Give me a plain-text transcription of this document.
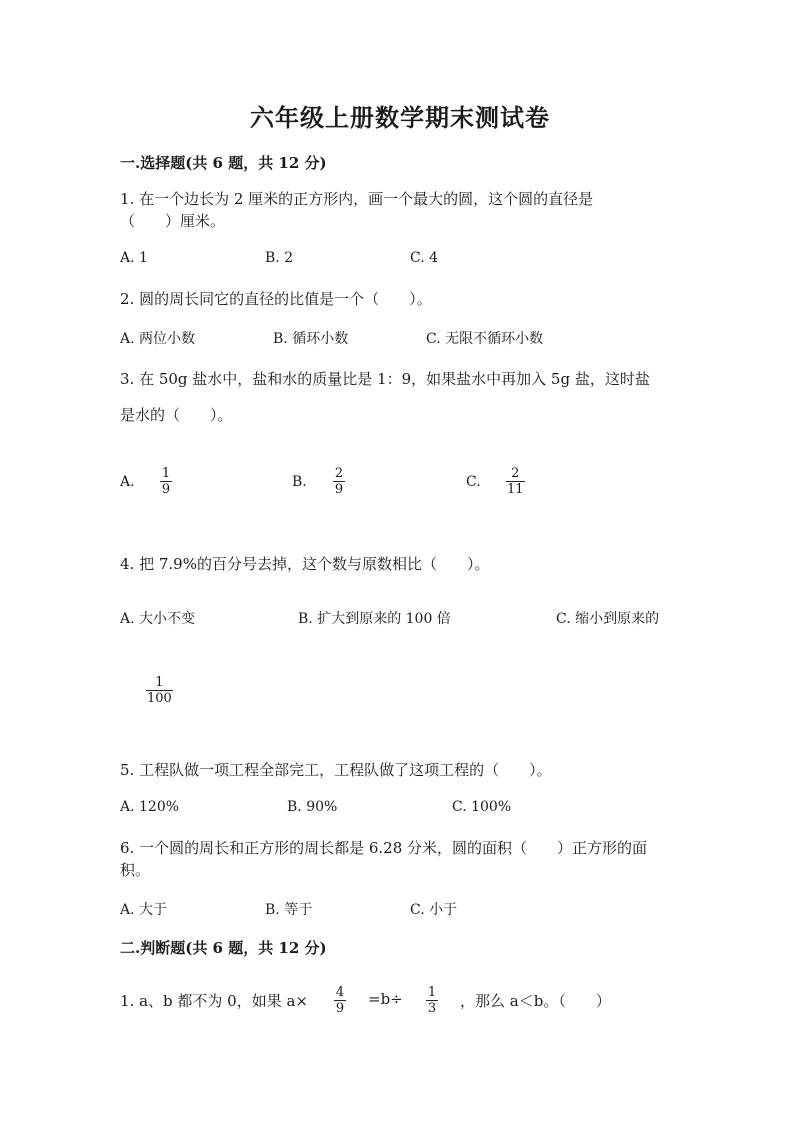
六年级上册数学期末测试卷
一.选择题(共 6 题，共 12 分)
1. 在一个边长为 2 厘米的正方形内，画一个最大的圆，这个圆的直径是
（　　）厘米。
A. 1	B. 2	C. 4
2. 圆的周长同它的直径的比值是一个（　　）。
A. 两位小数	B. 循环小数	C. 无限不循环小数
3. 在 50g 盐水中，盐和水的质量比是 1：9，如果盐水中再加入 5g 盐，这时盐
是水的（　　）。
A.
1
9	B.
2
9	C.
2
11
4. 把 7.9%的百分号去掉，这个数与原数相比（　　）。
A. 大小不变	B. 扩大到原来的 100 倍	C. 缩小到原来的
1
100
5. 工程队做一项工程全部完工，工程队做了这项工程的（　　）。
A. 120%	B. 90%	C. 100%
6. 一个圆的周长和正方形的周长都是 6.28 分米，圆的面积（　　）正方形的面
积。
A. 大于	B. 等于	C. 小于
二.判断题(共 6 题，共 12 分)
1. a、b 都不为 0，如果 a× 4
9
=b÷ 1
3 ，那么 a＜b。（　　）
